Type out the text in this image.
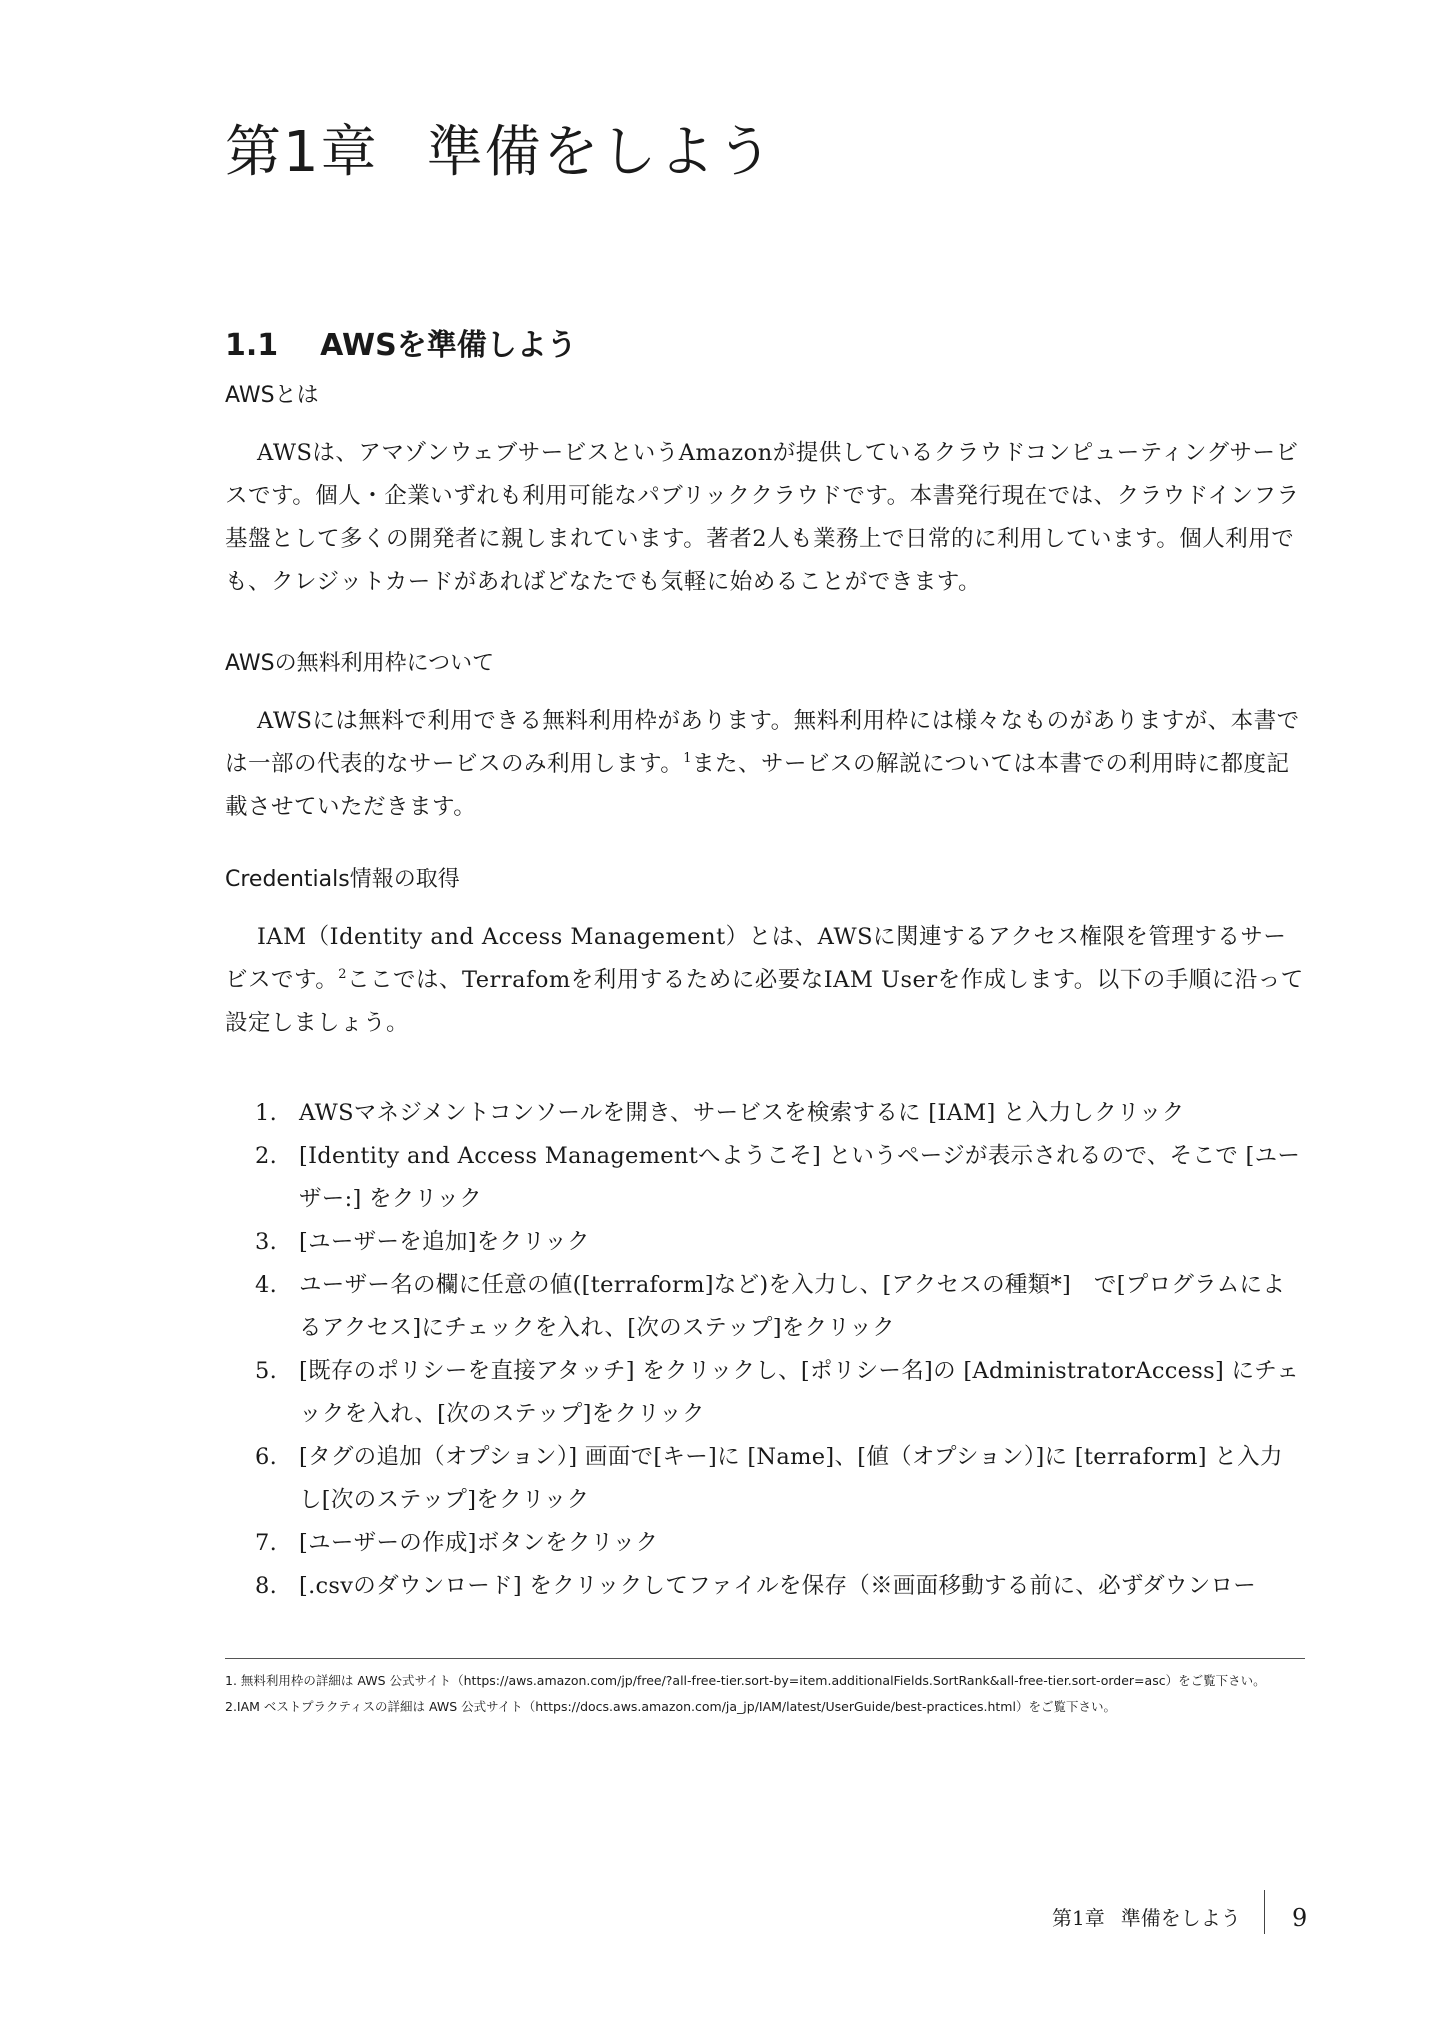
第1章 準備をしよう
1.1 AWSを準備しよう
AWSとは

AWSは、アマゾンウェブサービスというAmazonが提供しているクラウドコンピューティングサービスです。個人・企業いずれも利用可能なパブリッククラウドです。本書発行現在では、クラウドインフラ基盤として多くの開発者に親しまれています。著者2人も業務上で日常的に利用しています。個人利用でも、クレジットカードがあればどなたでも気軽に始めることができます。

AWSの無料利用枠について

AWSには無料で利用できる無料利用枠があります。無料利用枠には様々なものがありますが、本書では一部の代表的なサービスのみ利用します。$^1$また、サービスの解説については本書での利用時に都度記載させていただきます。

Credentials情報の取得

IAM（Identity and Access Management）とは、AWSに関連するアクセス権限を管理するサービスです。$^2$ここでは、Terrafomを利用するために必要なIAM Userを作成します。以下の手順に沿って設定しましょう。

1. AWSマネジメントコンソールを開き、サービスを検索するに [IAM] と入力しクリック
2. [Identity and Access Managementへようこそ] というページが表示されるので、そこで [ユーザー:] をクリック
3. [ユーザーを追加]をクリック
4. ユーザー名の欄に任意の値([terraform]など)を入力し、[アクセスの種類*]　で[プログラムによるアクセス]にチェックを入れ、[次のステップ]をクリック
5. [既存のポリシーを直接アタッチ] をクリックし、[ポリシー名]の [AdministratorAccess] にチェックを入れ、[次のステップ]をクリック
6. [タグの追加（オプション）] 画面で[キー]に [Name]、[値（オプション）]に [terraform] と入力し[次のステップ]をクリック
7. [ユーザーの作成]ボタンをクリック
8. [.csvのダウンロード] をクリックしてファイルを保存（※画面移動する前に、必ずダウンロー

1. 無料利用枠の詳細は AWS 公式サイト（https://aws.amazon.com/jp/free/?all-free-tier.sort-by=item.additionalFields.SortRank&all-free-tier.sort-order=asc）をご覧下さい。

2.IAM ベストプラクティスの詳細は AWS 公式サイト（https://docs.aws.amazon.com/ja_jp/IAM/latest/UserGuide/best-practices.html）をご覧下さい。

第1章 準備をしよう 9
